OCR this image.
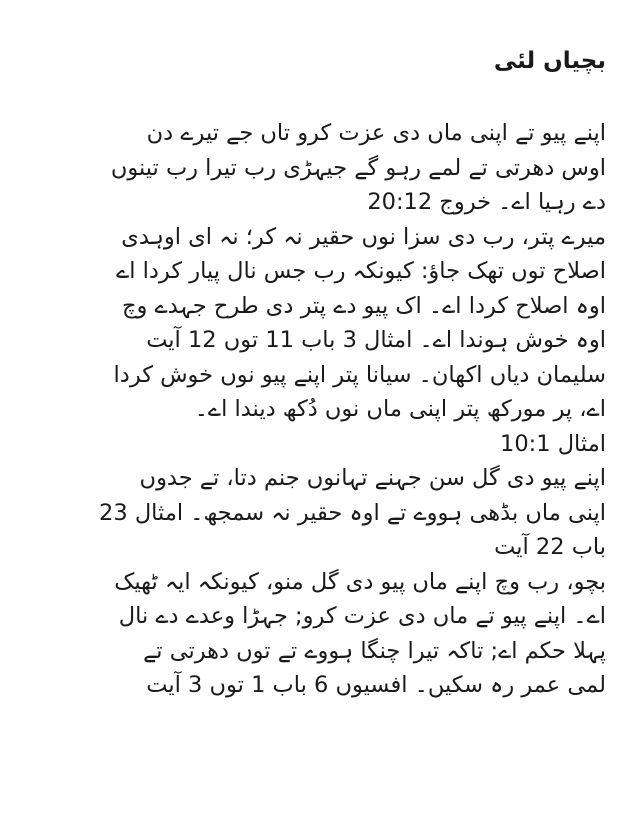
بچیاں لئی
اپنے پیو تے اپنی ماں دی عزت کرو تاں جے تیرے دن
اوس دھرتی تے لمے رہو گے جیہڑی رب تیرا رب تینوں
دے رہیا اے۔ خروج 20:12
میرے پتر، رب دی سزا نوں حقیر نہ کر؛ نہ ای اوہدی
اصلاح توں تھک جاؤ: کیونکہ رب جس نال پیار کردا اے
اوہ اصلاح کردا اے۔ اک پیو دے پتر دی طرح جہدے وچ
اوہ خوش ہوندا اے۔ امثال 3 باب 11 توں 12 آیت
سلیمان دیاں اکھان۔ سیانا پتر اپنے پیو نوں خوش کردا
اے، پر مورکھ پتر اپنی ماں نوں دُکھ دیندا اے۔
امثال 10:1
اپنے پیو دی گل سن جہنے تہانوں جنم دتا، تے جدوں
اپنی ماں بڈھی ہووے تے اوہ حقیر نہ سمجھ۔ امثال 23
باب 22 آیت
بچو، رب وچ اپنے ماں پیو دی گل منو، کیونکہ ایہ ٹھیک
اے۔ اپنے پیو تے ماں دی عزت کرو; جہڑا وعدے دے نال
پہلا حکم اے; تاکہ تیرا چنگا ہووے تے توں دھرتی تے
لمی عمر رہ سکیں۔ افسیوں 6 باب 1 توں 3 آیت
